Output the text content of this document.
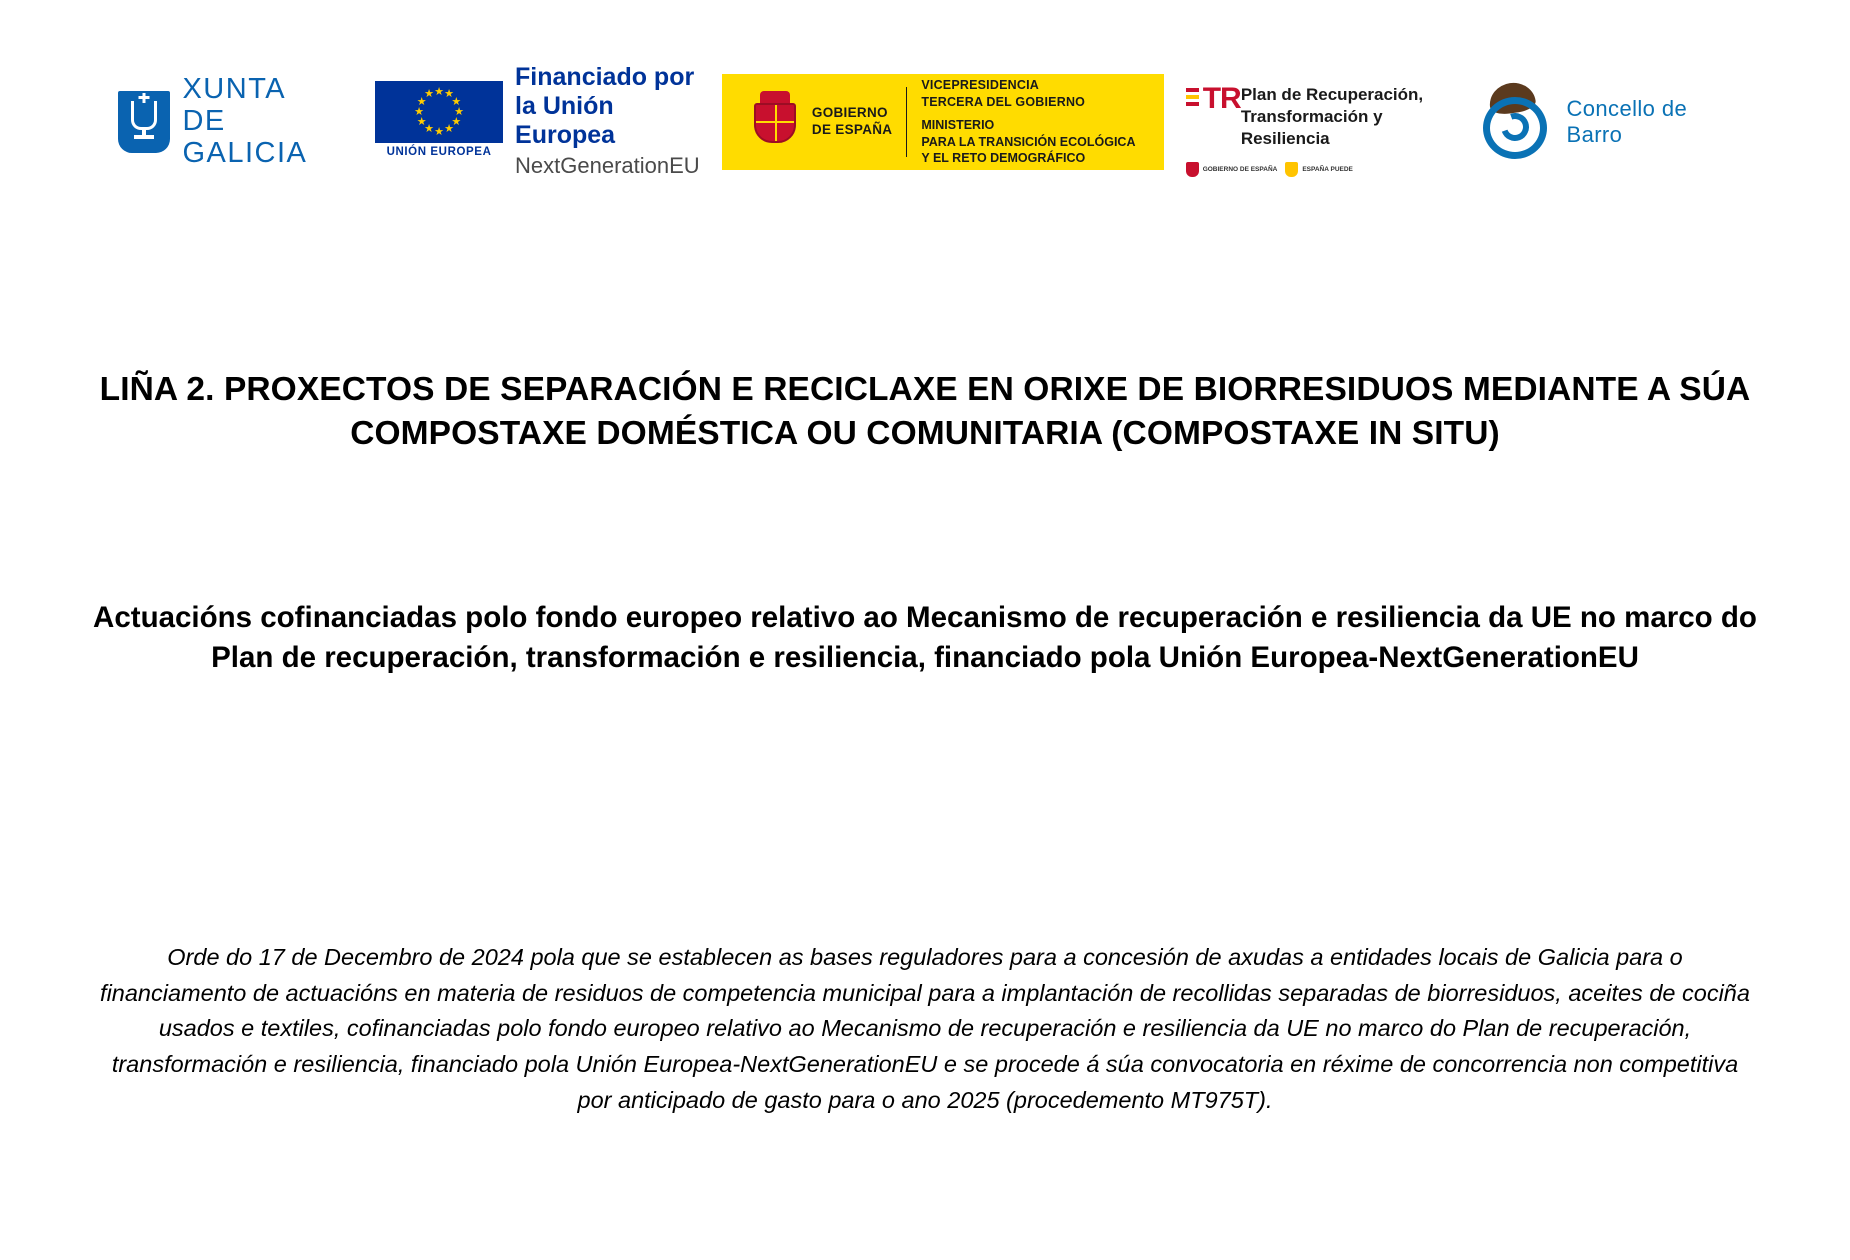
XUNTA
DE GALICIA
★ ★
★
★
★
★
★
★
★
★
★
★
UNIÓN EUROPEA
Financiado por
la Unión Europea
NextGenerationEU
GOBIERNO
DE ESPAÑA
VICEPRESIDENCIA
TERCERA DEL GOBIERNO
MINISTERIO
PARA LA TRANSICIÓN ECOLÓGICA
Y EL RETO DEMOGRÁFICO
TR Plan de Recuperación,
Transformación y Resiliencia
GOBIERNO DE ESPAÑA	ESPAÑA PUEDE
Concello de Barro
LIÑA 2. PROXECTOS DE SEPARACIÓN E RECICLAXE EN ORIXE DE BIORRESIDUOS MEDIANTE A SÚA COMPOSTAXE DOMÉSTICA OU COMUNITARIA (COMPOSTAXE IN SITU)
Actuacións cofinanciadas polo fondo europeo relativo ao Mecanismo de recuperación e resiliencia da UE no marco do Plan de recuperación, transformación e resiliencia, financiado pola Unión Europea-NextGenerationEU
Orde do 17 de Decembro de 2024 pola que se establecen as bases reguladores para a concesión de axudas a entidades locais de Galicia para o financiamento de actuacións en materia de residuos de competencia municipal para a implantación de recollidas separadas de biorresiduos, aceites de cociña usados e textiles, cofinanciadas polo fondo europeo relativo ao Mecanismo de recuperación e resiliencia da UE no marco do Plan de recuperación, transformación e resiliencia, financiado pola Unión Europea-NextGenerationEU e se procede á súa convocatoria en réxime de concorrencia non competitiva por anticipado de gasto para o ano 2025 (procedemento MT975T).
